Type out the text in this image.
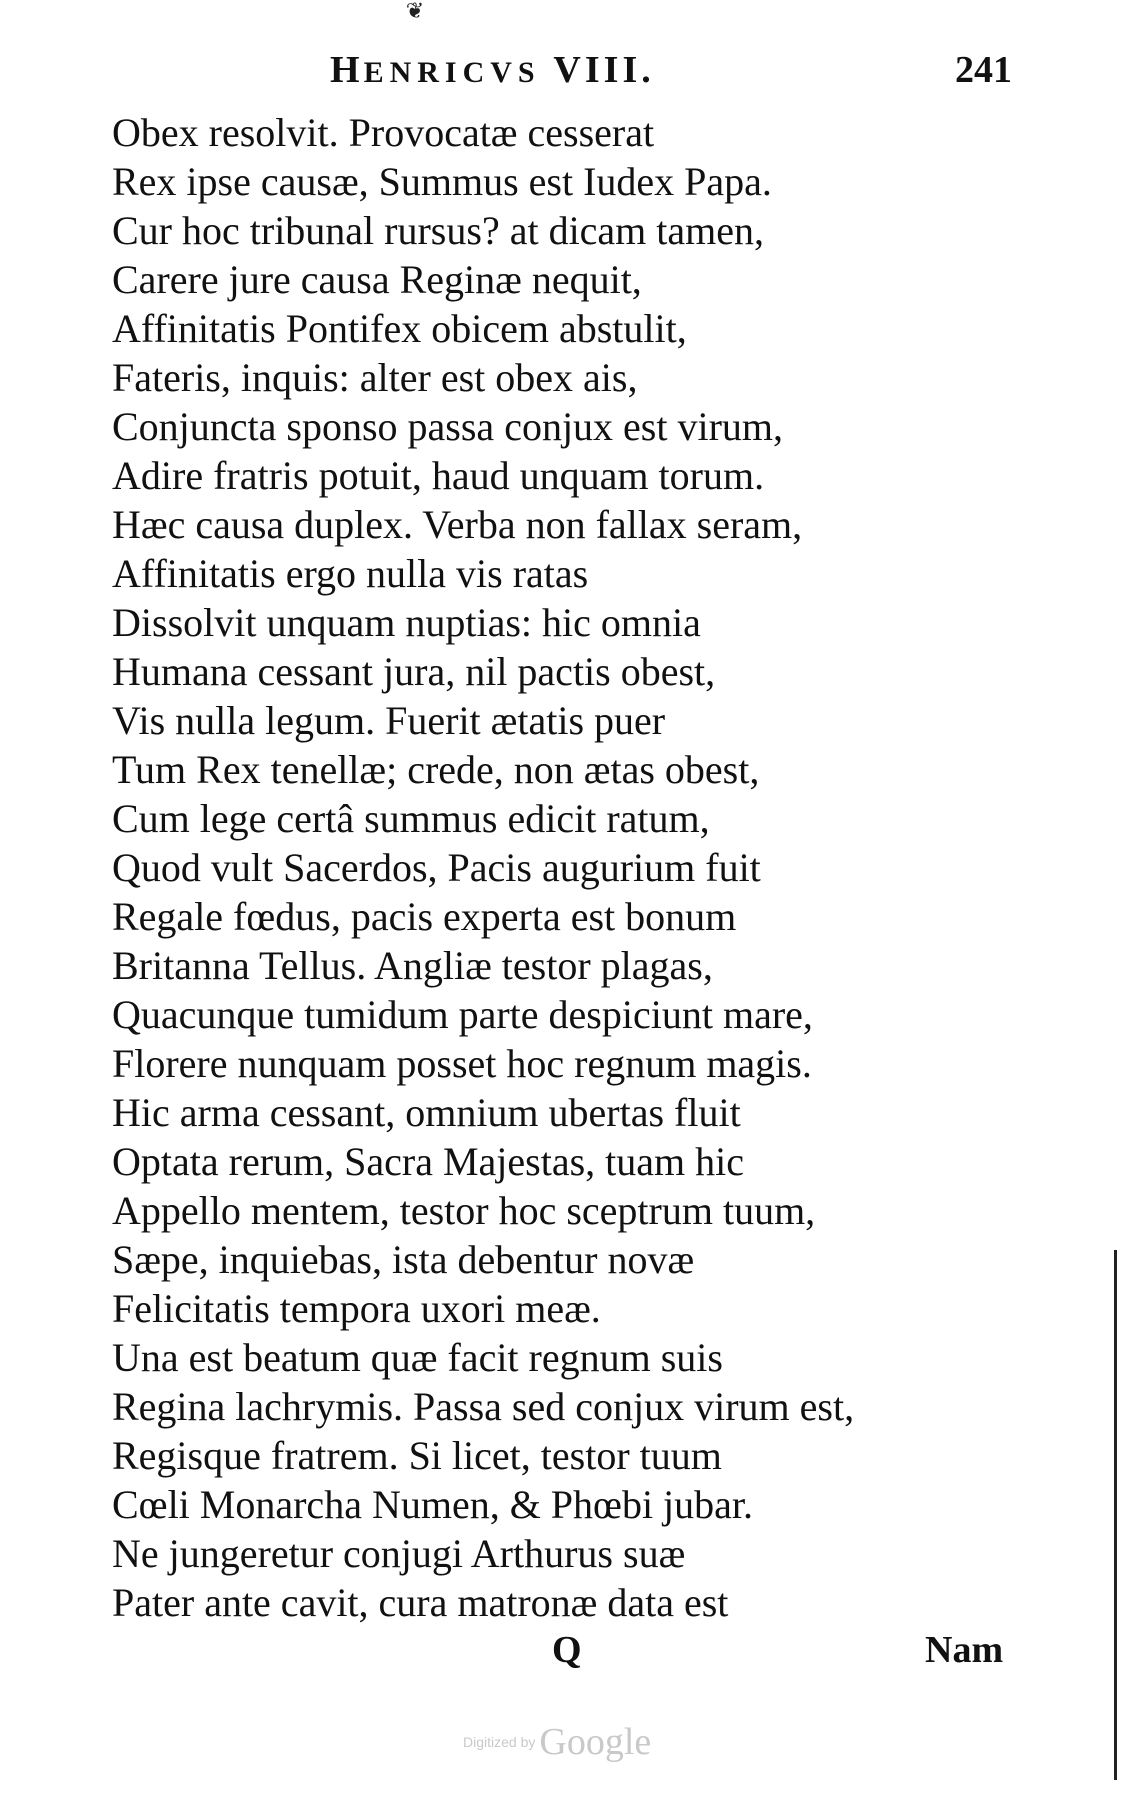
❦
HENRICVS VIII.	241
Obex resolvit. Provocatæ cesserat
Rex ipse causæ, Summus est Iudex Papa.
Cur hoc tribunal rursus? at dicam tamen,
Carere jure causa Reginæ nequit,
Affinitatis Pontifex obicem abstulit,
Fateris, inquis: alter est obex ais,
Conjuncta sponso passa conjux est virum,
Adire fratris potuit, haud unquam torum.
Hæc causa duplex. Verba non fallax seram,
Affinitatis ergo nulla vis ratas
Dissolvit unquam nuptias: hic omnia
Humana cessant jura, nil pactis obest,
Vis nulla legum. Fuerit ætatis puer
Tum Rex tenellæ; crede, non ætas obest,
Cum lege certâ summus edicit ratum,
Quod vult Sacerdos, Pacis augurium fuit
Regale fœdus, pacis experta est bonum
Britanna Tellus. Angliæ testor plagas,
Quacunque tumidum parte despiciunt mare,
Florere nunquam posset hoc regnum magis.
Hic arma cessant, omnium ubertas fluit
Optata rerum, Sacra Majestas, tuam hic
Appello mentem, testor hoc sceptrum tuum,
Sæpe, inquiebas, ista debentur novæ
Felicitatis tempora uxori meæ.
Una est beatum quæ facit regnum suis
Regina lachrymis. Passa sed conjux virum est,
Regisque fratrem. Si licet, testor tuum
Cœli Monarcha Numen, & Phœbi jubar.
Ne jungeretur conjugi Arthurus suæ
Pater ante cavit, cura matronæ data est
Q	Nam
Digitized by Google
